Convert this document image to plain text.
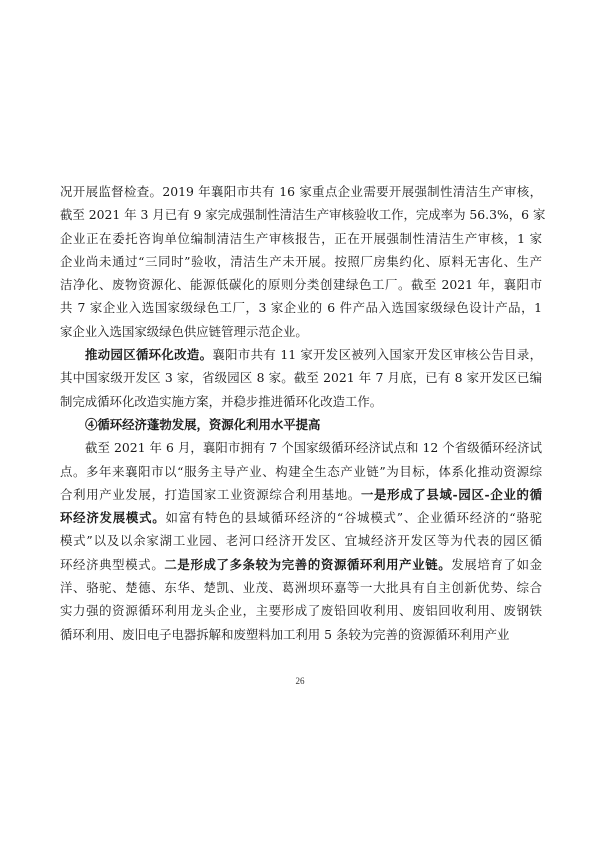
况开展监督检查。2019 年襄阳市共有 16 家重点企业需要开展强制性清洁生产审核，
截至 2021 年 3 月已有 9 家完成强制性清洁生产审核验收工作，完成率为 56.3%，6 家
企业正在委托咨询单位编制清洁生产审核报告，正在开展强制性清洁生产审核，1 家
企业尚未通过“三同时”验收，清洁生产未开展。按照厂房集约化、原料无害化、生产
洁净化、废物资源化、能源低碳化的原则分类创建绿色工厂。截至 2021 年，襄阳市
共 7 家企业入选国家级绿色工厂，3 家企业的 6 件产品入选国家级绿色设计产品，1
家企业入选国家级绿色供应链管理示范企业。
推动园区循环化改造。襄阳市共有 11 家开发区被列入国家开发区审核公告目录，
其中国家级开发区 3 家，省级园区 8 家。截至 2021 年 7 月底，已有 8 家开发区已编
制完成循环化改造实施方案，并稳步推进循环化改造工作。
④循环经济蓬勃发展，资源化利用水平提高
截至 2021 年 6 月，襄阳市拥有 7 个国家级循环经济试点和 12 个省级循环经济试
点。多年来襄阳市以“服务主导产业、构建全生态产业链”为目标，体系化推动资源综
合利用产业发展，打造国家工业资源综合利用基地。一是形成了县域-园区-企业的循
环经济发展模式。如富有特色的县域循环经济的“谷城模式”、企业循环经济的“骆驼
模式”以及以余家湖工业园、老河口经济开发区、宜城经济开发区等为代表的园区循
环经济典型模式。二是形成了多条较为完善的资源循环利用产业链。发展培育了如金
洋、骆驼、楚德、东华、楚凯、业茂、葛洲坝环嘉等一大批具有自主创新优势、综合
实力强的资源循环利用龙头企业，主要形成了废铅回收利用、废铝回收利用、废钢铁
循环利用、废旧电子电器拆解和废塑料加工利用 5 条较为完善的资源循环利用产业
26
